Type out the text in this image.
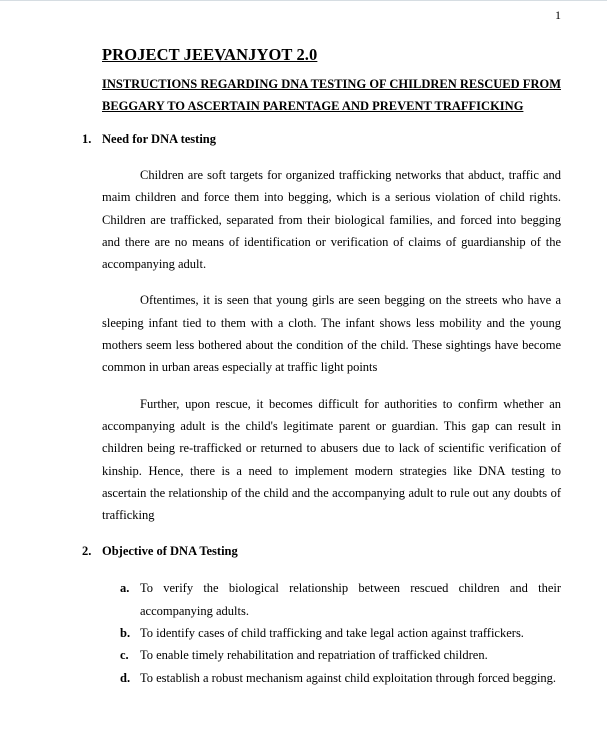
1
PROJECT JEEVANJYOT 2.0
INSTRUCTIONS REGARDING DNA TESTING OF CHILDREN RESCUED FROM BEGGARY TO ASCERTAIN PARENTAGE AND PREVENT TRAFFICKING
1. Need for DNA testing

Children are soft targets for organized trafficking networks that abduct, traffic and maim children and force them into begging, which is a serious violation of child rights. Children are trafficked, separated from their biological families, and forced into begging and there are no means of identification or verification of claims of guardianship of the accompanying adult.

Oftentimes, it is seen that young girls are seen begging on the streets who have a sleeping infant tied to them with a cloth. The infant shows less mobility and the young mothers seem less bothered about the condition of the child. These sightings have become common in urban areas especially at traffic light points

Further, upon rescue, it becomes difficult for authorities to confirm whether an accompanying adult is the child's legitimate parent or guardian. This gap can result in children being re-trafficked or returned to abusers due to lack of scientific verification of kinship. Hence, there is a need to implement modern strategies like DNA testing to ascertain the relationship of the child and the accompanying adult to rule out any doubts of trafficking

2. Objective of DNA Testing
a. To verify the biological relationship between rescued children and their accompanying adults.
b. To identify cases of child trafficking and take legal action against traffickers.
c. To enable timely rehabilitation and repatriation of trafficked children.
d. To establish a robust mechanism against child exploitation through forced begging.
